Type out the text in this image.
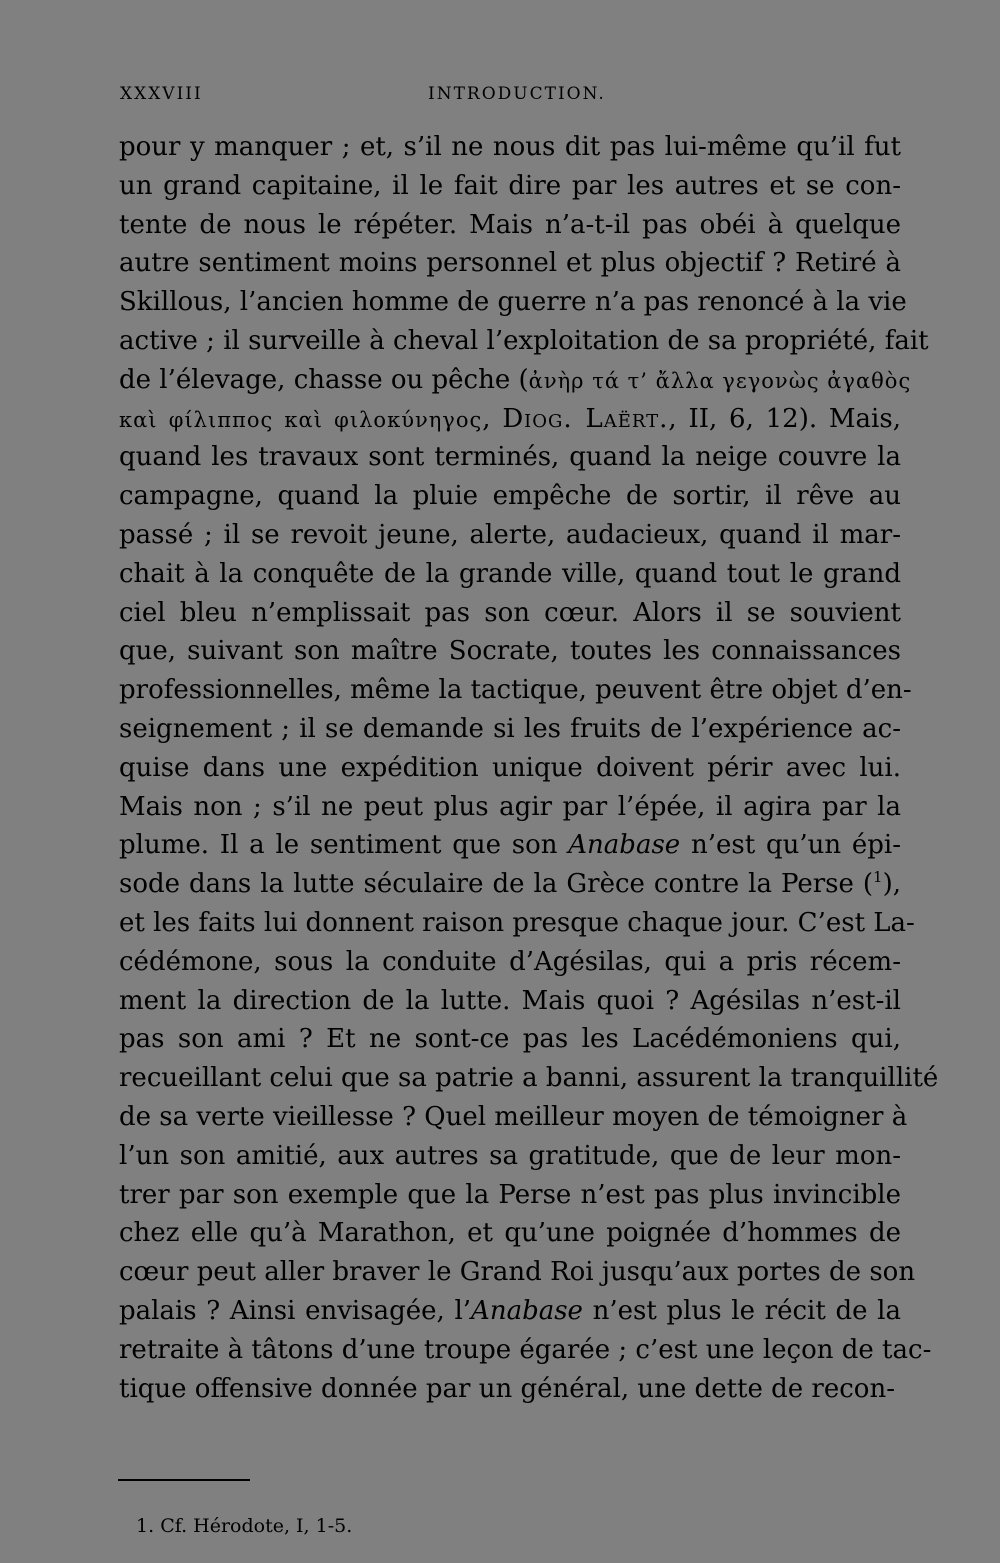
XXXVIII	INTRODUCTION.
pour y manquer ; et, s’il ne nous dit pas lui-même qu’il fut
un grand capitaine, il le fait dire par les autres et se con-
tente de nous le répéter. Mais n’a-t-il pas obéi à quelque
autre sentiment moins personnel et plus objectif ? Retiré à
Skillous, l’ancien homme de guerre n’a pas renoncé à la vie
active ; il surveille à cheval l’exploitation de sa propriété, fait
de l’élevage, chasse ou pêche (ἀνὴρ τά τ’ ἄλλα γεγονὼς ἀγαθὸς
καὶ φίλιππος καὶ φιλοκύνηγος, Diog. Laërt., II, 6, 12). Mais,
quand les travaux sont terminés, quand la neige couvre la
campagne, quand la pluie empêche de sortir, il rêve au
passé ; il se revoit jeune, alerte, audacieux, quand il mar-
chait à la conquête de la grande ville, quand tout le grand
ciel bleu n’emplissait pas son cœur. Alors il se souvient
que, suivant son maître Socrate, toutes les connaissances
professionnelles, même la tactique, peuvent être objet d’en-
seignement ; il se demande si les fruits de l’expérience ac-
quise dans une expédition unique doivent périr avec lui.
Mais non ; s’il ne peut plus agir par l’épée, il agira par la
plume. Il a le sentiment que son Anabase n’est qu’un épi-
sode dans la lutte séculaire de la Grèce contre la Perse ($^1$),
et les faits lui donnent raison presque chaque jour. C’est La-
cédémone, sous la conduite d’Agésilas, qui a pris récem-
ment la direction de la lutte. Mais quoi ? Agésilas n’est-il
pas son ami ? Et ne sont-ce pas les Lacédémoniens qui,
recueillant celui que sa patrie a banni, assurent la tranquillité
de sa verte vieillesse ? Quel meilleur moyen de témoigner à
l’un son amitié, aux autres sa gratitude, que de leur mon-
trer par son exemple que la Perse n’est pas plus invincible
chez elle qu’à Marathon, et qu’une poignée d’hommes de
cœur peut aller braver le Grand Roi jusqu’aux portes de son
palais ? Ainsi envisagée, l’Anabase n’est plus le récit de la
retraite à tâtons d’une troupe égarée ; c’est une leçon de tac-
tique offensive donnée par un général, une dette de recon-
1. Cf. Hérodote, I, 1-5.
